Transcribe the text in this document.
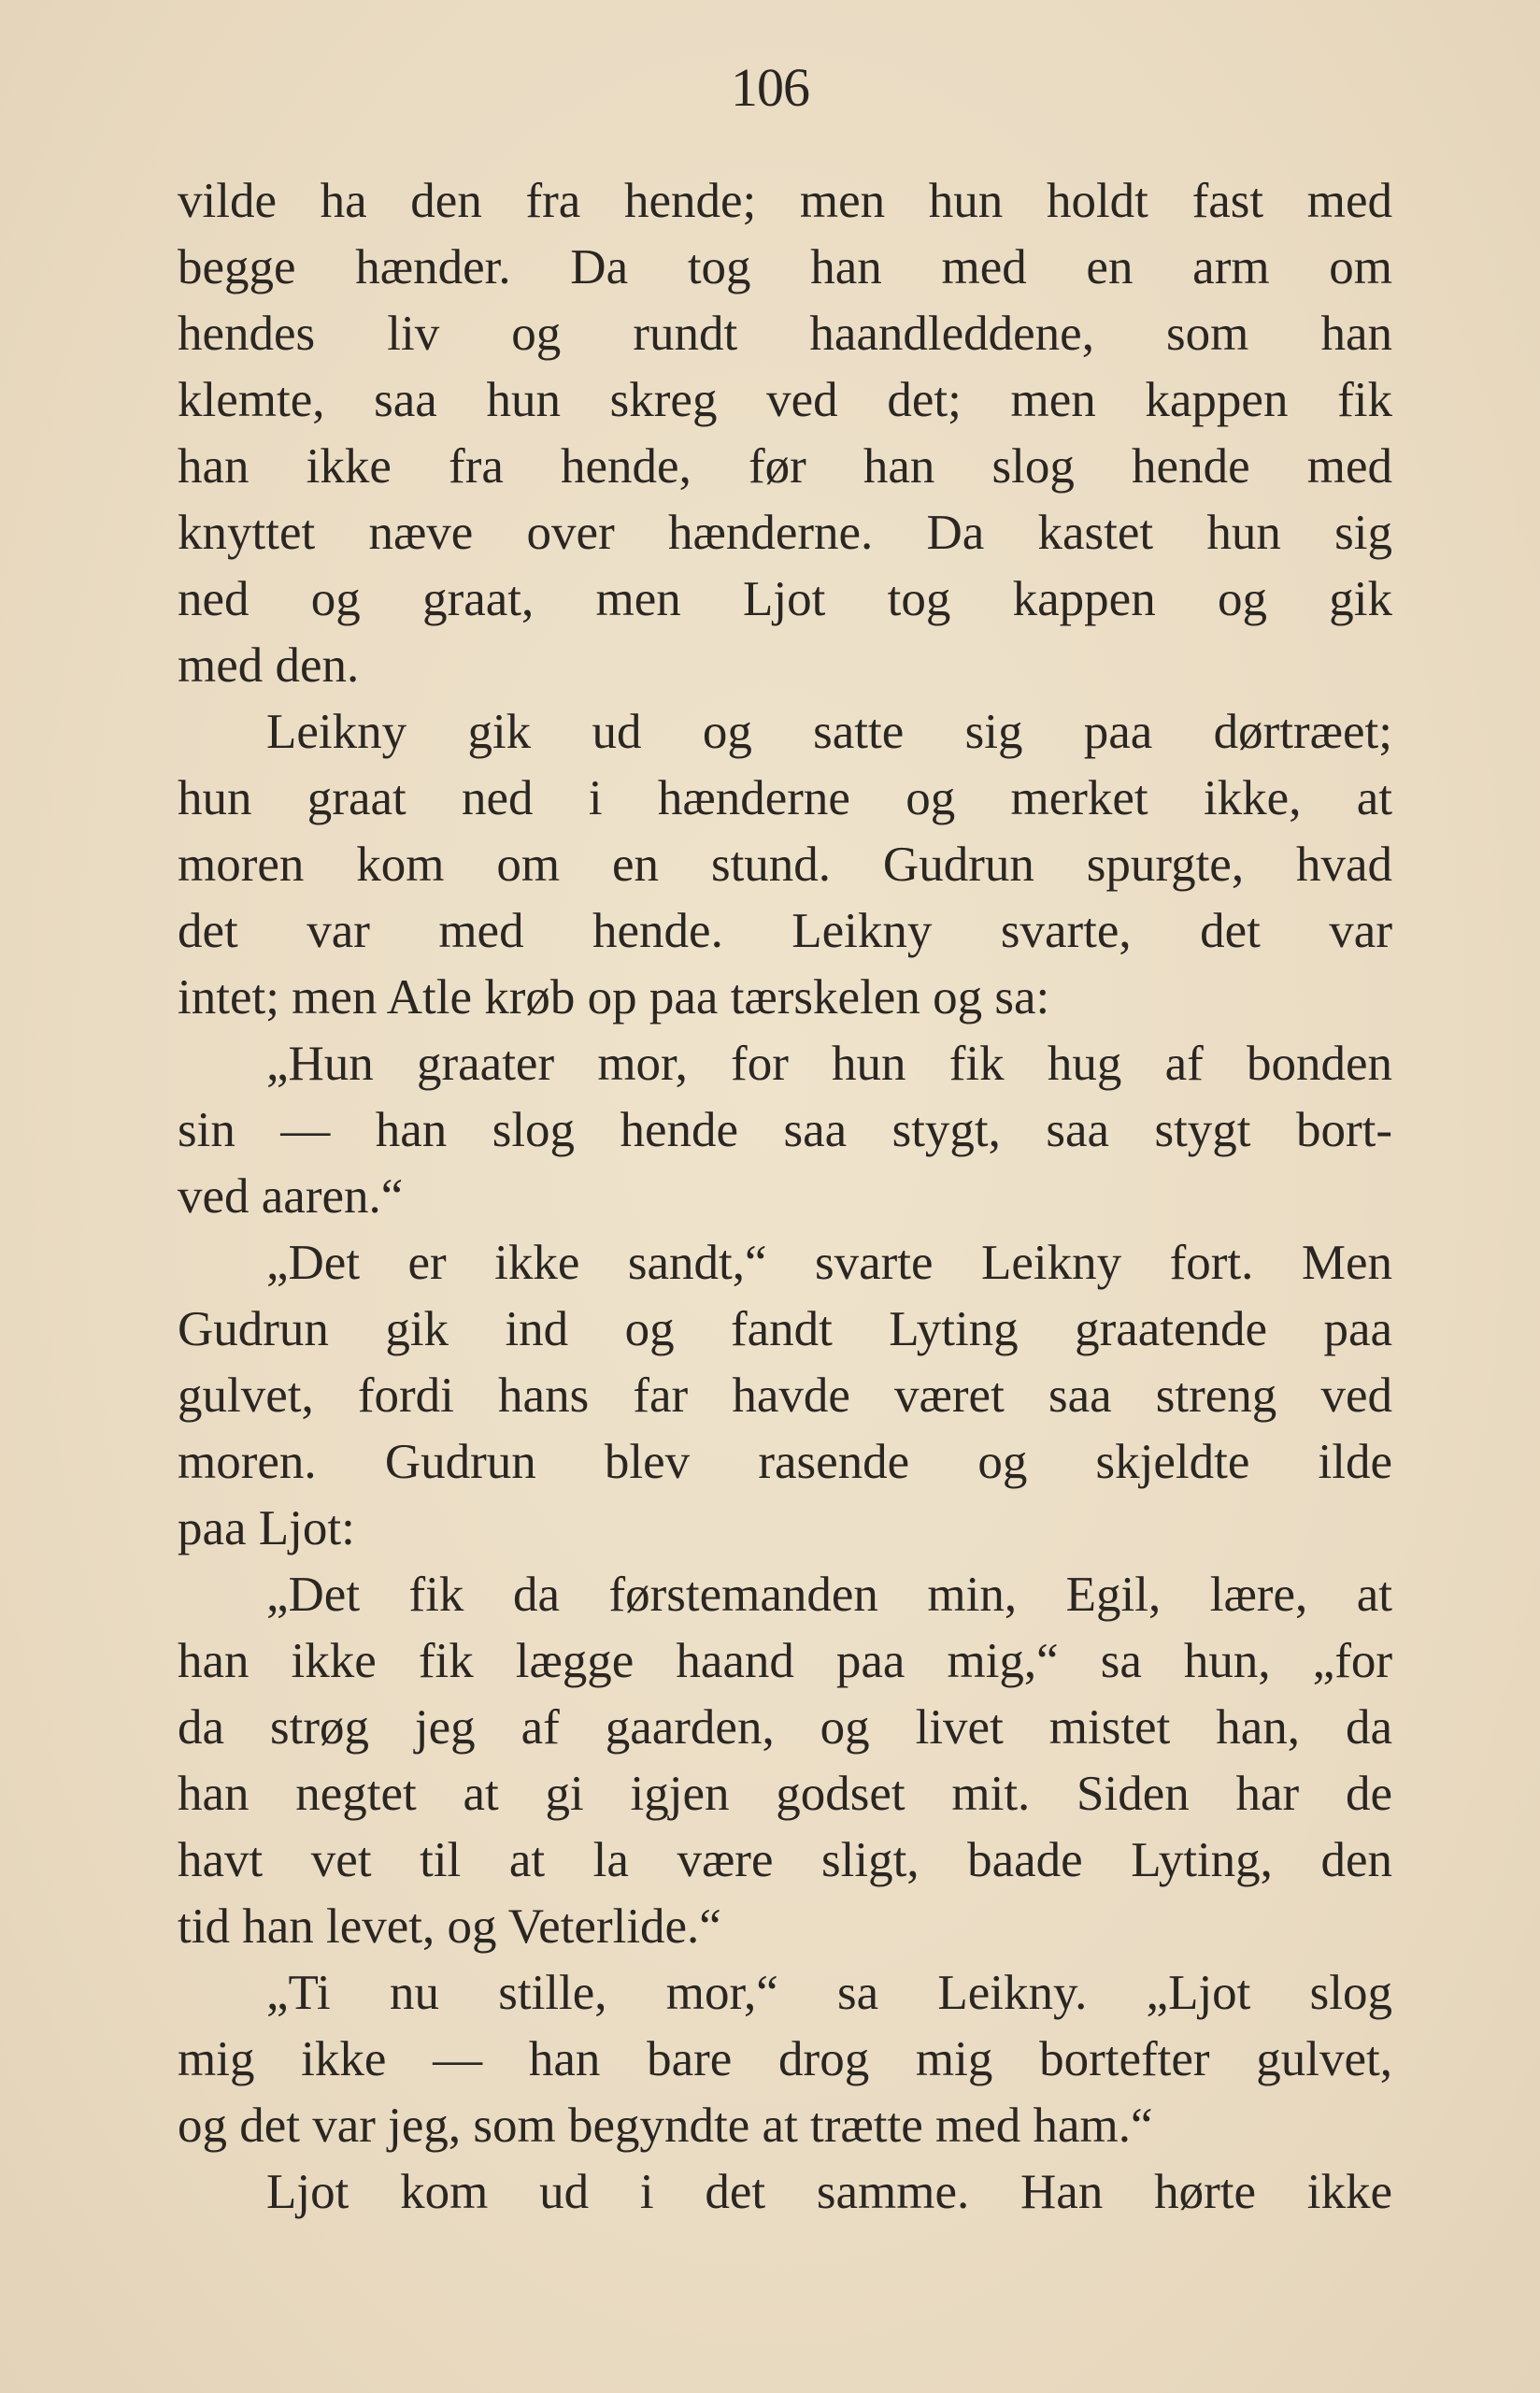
106
vilde ha den fra hende; men hun holdt fast med
begge hænder. Da tog han med en arm om
hendes liv og rundt haandleddene, som han
klemte, saa hun skreg ved det; men kappen fik
han ikke fra hende, før han slog hende med
knyttet næve over hænderne. Da kastet hun sig
ned og graat, men Ljot tog kappen og gik
med den.
Leikny gik ud og satte sig paa dørtræet;
hun graat ned i hænderne og merket ikke, at
moren kom om en stund. Gudrun spurgte, hvad
det var med hende. Leikny svarte, det var
intet; men Atle krøb op paa tærskelen og sa:
„Hun graater mor, for hun fik hug af bonden
sin — han slog hende saa stygt, saa stygt bort-
ved aaren.“
„Det er ikke sandt,“ svarte Leikny fort. Men
Gudrun gik ind og fandt Lyting graatende paa
gulvet, fordi hans far havde været saa streng ved
moren. Gudrun blev rasende og skjeldte ilde
paa Ljot:
„Det fik da førstemanden min, Egil, lære, at
han ikke fik lægge haand paa mig,“ sa hun, „for
da strøg jeg af gaarden, og livet mistet han, da
han negtet at gi igjen godset mit. Siden har de
havt vet til at la være sligt, baade Lyting, den
tid han levet, og Veterlide.“
„Ti nu stille, mor,“ sa Leikny. „Ljot slog
mig ikke — han bare drog mig bortefter gulvet,
og det var jeg, som begyndte at trætte med ham.“
Ljot kom ud i det samme. Han hørte ikke
